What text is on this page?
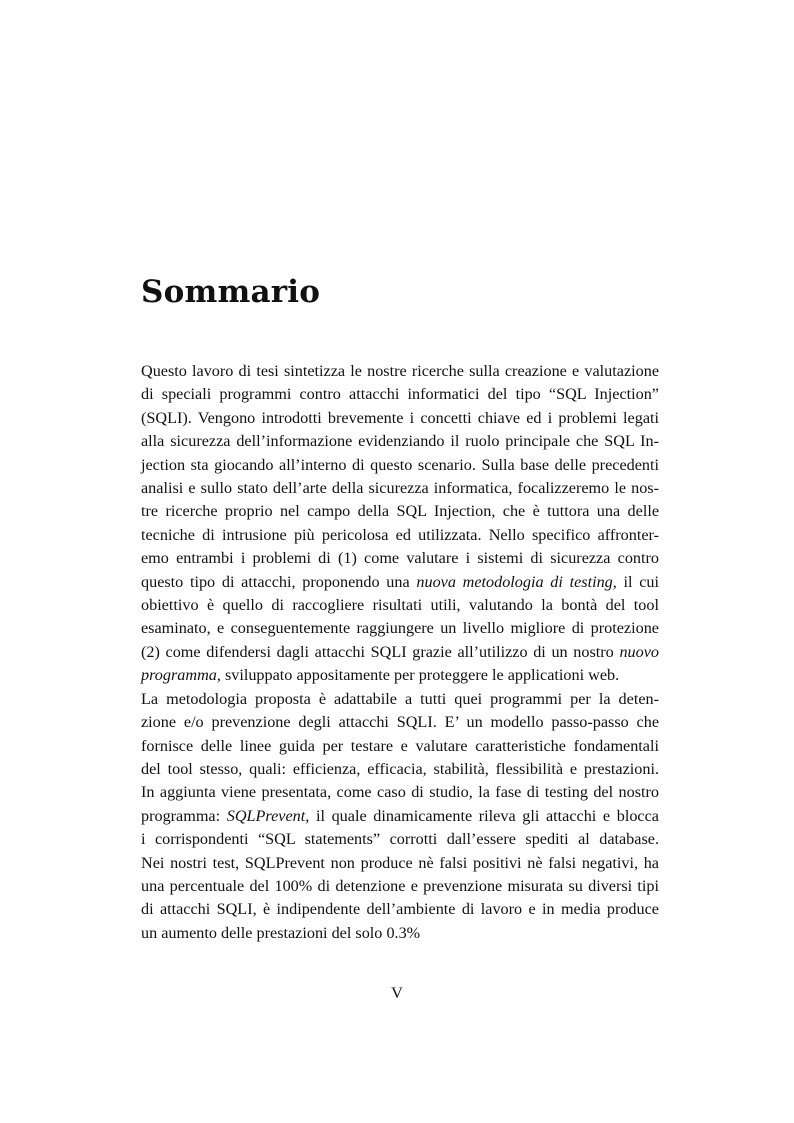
Sommario
Questo lavoro di tesi sintetizza le nostre ricerche sulla creazione e valutazione
di speciali programmi contro attacchi informatici del tipo “SQL Injection”
(SQLI). Vengono introdotti brevemente i concetti chiave ed i problemi legati
alla sicurezza dell’informazione evidenziando il ruolo principale che SQL In-
jection sta giocando all’interno di questo scenario. Sulla base delle precedenti
analisi e sullo stato dell’arte della sicurezza informatica, focalizzeremo le nos-
tre ricerche proprio nel campo della SQL Injection, che è tuttora una delle
tecniche di intrusione più pericolosa ed utilizzata. Nello specifico affronter-
emo entrambi i problemi di (1) come valutare i sistemi di sicurezza contro
questo tipo di attacchi, proponendo una nuova metodologia di testing, il cui
obiettivo è quello di raccogliere risultati utili, valutando la bontà del tool
esaminato, e conseguentemente raggiungere un livello migliore di protezione
(2) come difendersi dagli attacchi SQLI grazie all’utilizzo di un nostro nuovo
programma, sviluppato appositamente per proteggere le applicationi web.
La metodologia proposta è adattabile a tutti quei programmi per la deten-
zione e/o prevenzione degli attacchi SQLI. E’ un modello passo-passo che
fornisce delle linee guida per testare e valutare caratteristiche fondamentali
del tool stesso, quali: efficienza, efficacia, stabilità, flessibilità e prestazioni.
In aggiunta viene presentata, come caso di studio, la fase di testing del nostro
programma: SQLPrevent, il quale dinamicamente rileva gli attacchi e blocca
i corrispondenti “SQL statements” corrotti dall’essere spediti al database.
Nei nostri test, SQLPrevent non produce nè falsi positivi nè falsi negativi, ha
una percentuale del 100% di detenzione e prevenzione misurata su diversi tipi
di attacchi SQLI, è indipendente dell’ambiente di lavoro e in media produce
un aumento delle prestazioni del solo 0.3%
V
